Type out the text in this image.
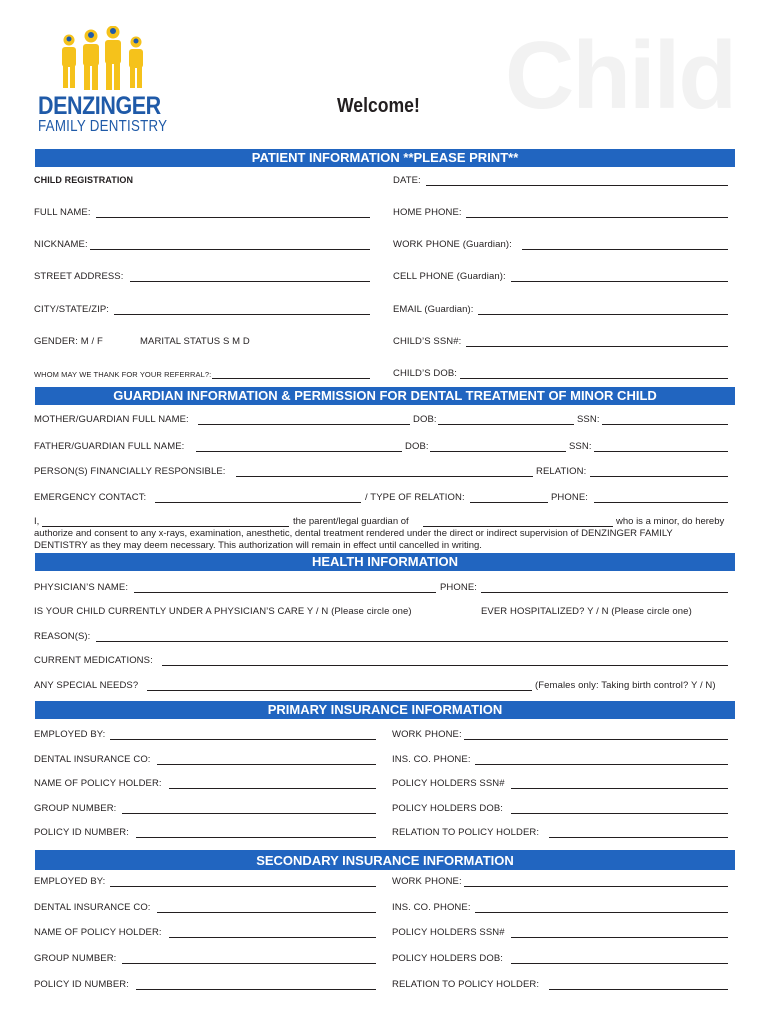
Child
DENZINGER
FAMILY DENTISTRY
Welcome!
PATIENT INFORMATION **PLEASE PRINT**
CHILD REGISTRATION	DATE:
FULL NAME:	HOME PHONE:
NICKNAME:	WORK PHONE (Guardian):
STREET ADDRESS:	CELL PHONE (Guardian):
CITY/STATE/ZIP:	EMAIL (Guardian):
GENDER: M / F	MARITAL STATUS S M D	CHILD’S SSN#:
WHOM MAY WE THANK FOR YOUR REFERRAL?:	CHILD’S DOB:
GUARDIAN INFORMATION & PERMISSION FOR DENTAL TREATMENT OF MINOR CHILD
MOTHER/GUARDIAN FULL NAME:	DOB:	SSN:
FATHER/GUARDIAN FULL NAME:	DOB:	SSN:
PERSON(S) FINANCIALLY RESPONSIBLE:	RELATION:
EMERGENCY CONTACT:	/ TYPE OF RELATION:	PHONE:
I,	the parent/legal guardian of	who is a minor, do hereby
authorize and consent to any x-rays, examination, anesthetic, dental treatment rendered under the direct or indirect supervision of DENZINGER FAMILY
DENTISTRY as they may deem necessary. This authorization will remain in effect until cancelled in writing.
HEALTH INFORMATION
PHYSICIAN’S NAME:	PHONE:
IS YOUR CHILD CURRENTLY UNDER A PHYSICIAN’S CARE Y / N (Please circle one)	EVER HOSPITALIZED? Y / N (Please circle one)
REASON(S):
CURRENT MEDICATIONS:
ANY SPECIAL NEEDS?	(Females only: Taking birth control? Y / N)
PRIMARY INSURANCE INFORMATION
EMPLOYED BY:	WORK PHONE:
DENTAL INSURANCE CO:	INS. CO. PHONE:
NAME OF POLICY HOLDER:	POLICY HOLDERS SSN#
GROUP NUMBER:	POLICY HOLDERS DOB:
POLICY ID NUMBER:	RELATION TO POLICY HOLDER:
SECONDARY INSURANCE INFORMATION
EMPLOYED BY:	WORK PHONE:
DENTAL INSURANCE CO:	INS. CO. PHONE:
NAME OF POLICY HOLDER:	POLICY HOLDERS SSN#
GROUP NUMBER:	POLICY HOLDERS DOB:
POLICY ID NUMBER:	RELATION TO POLICY HOLDER:
